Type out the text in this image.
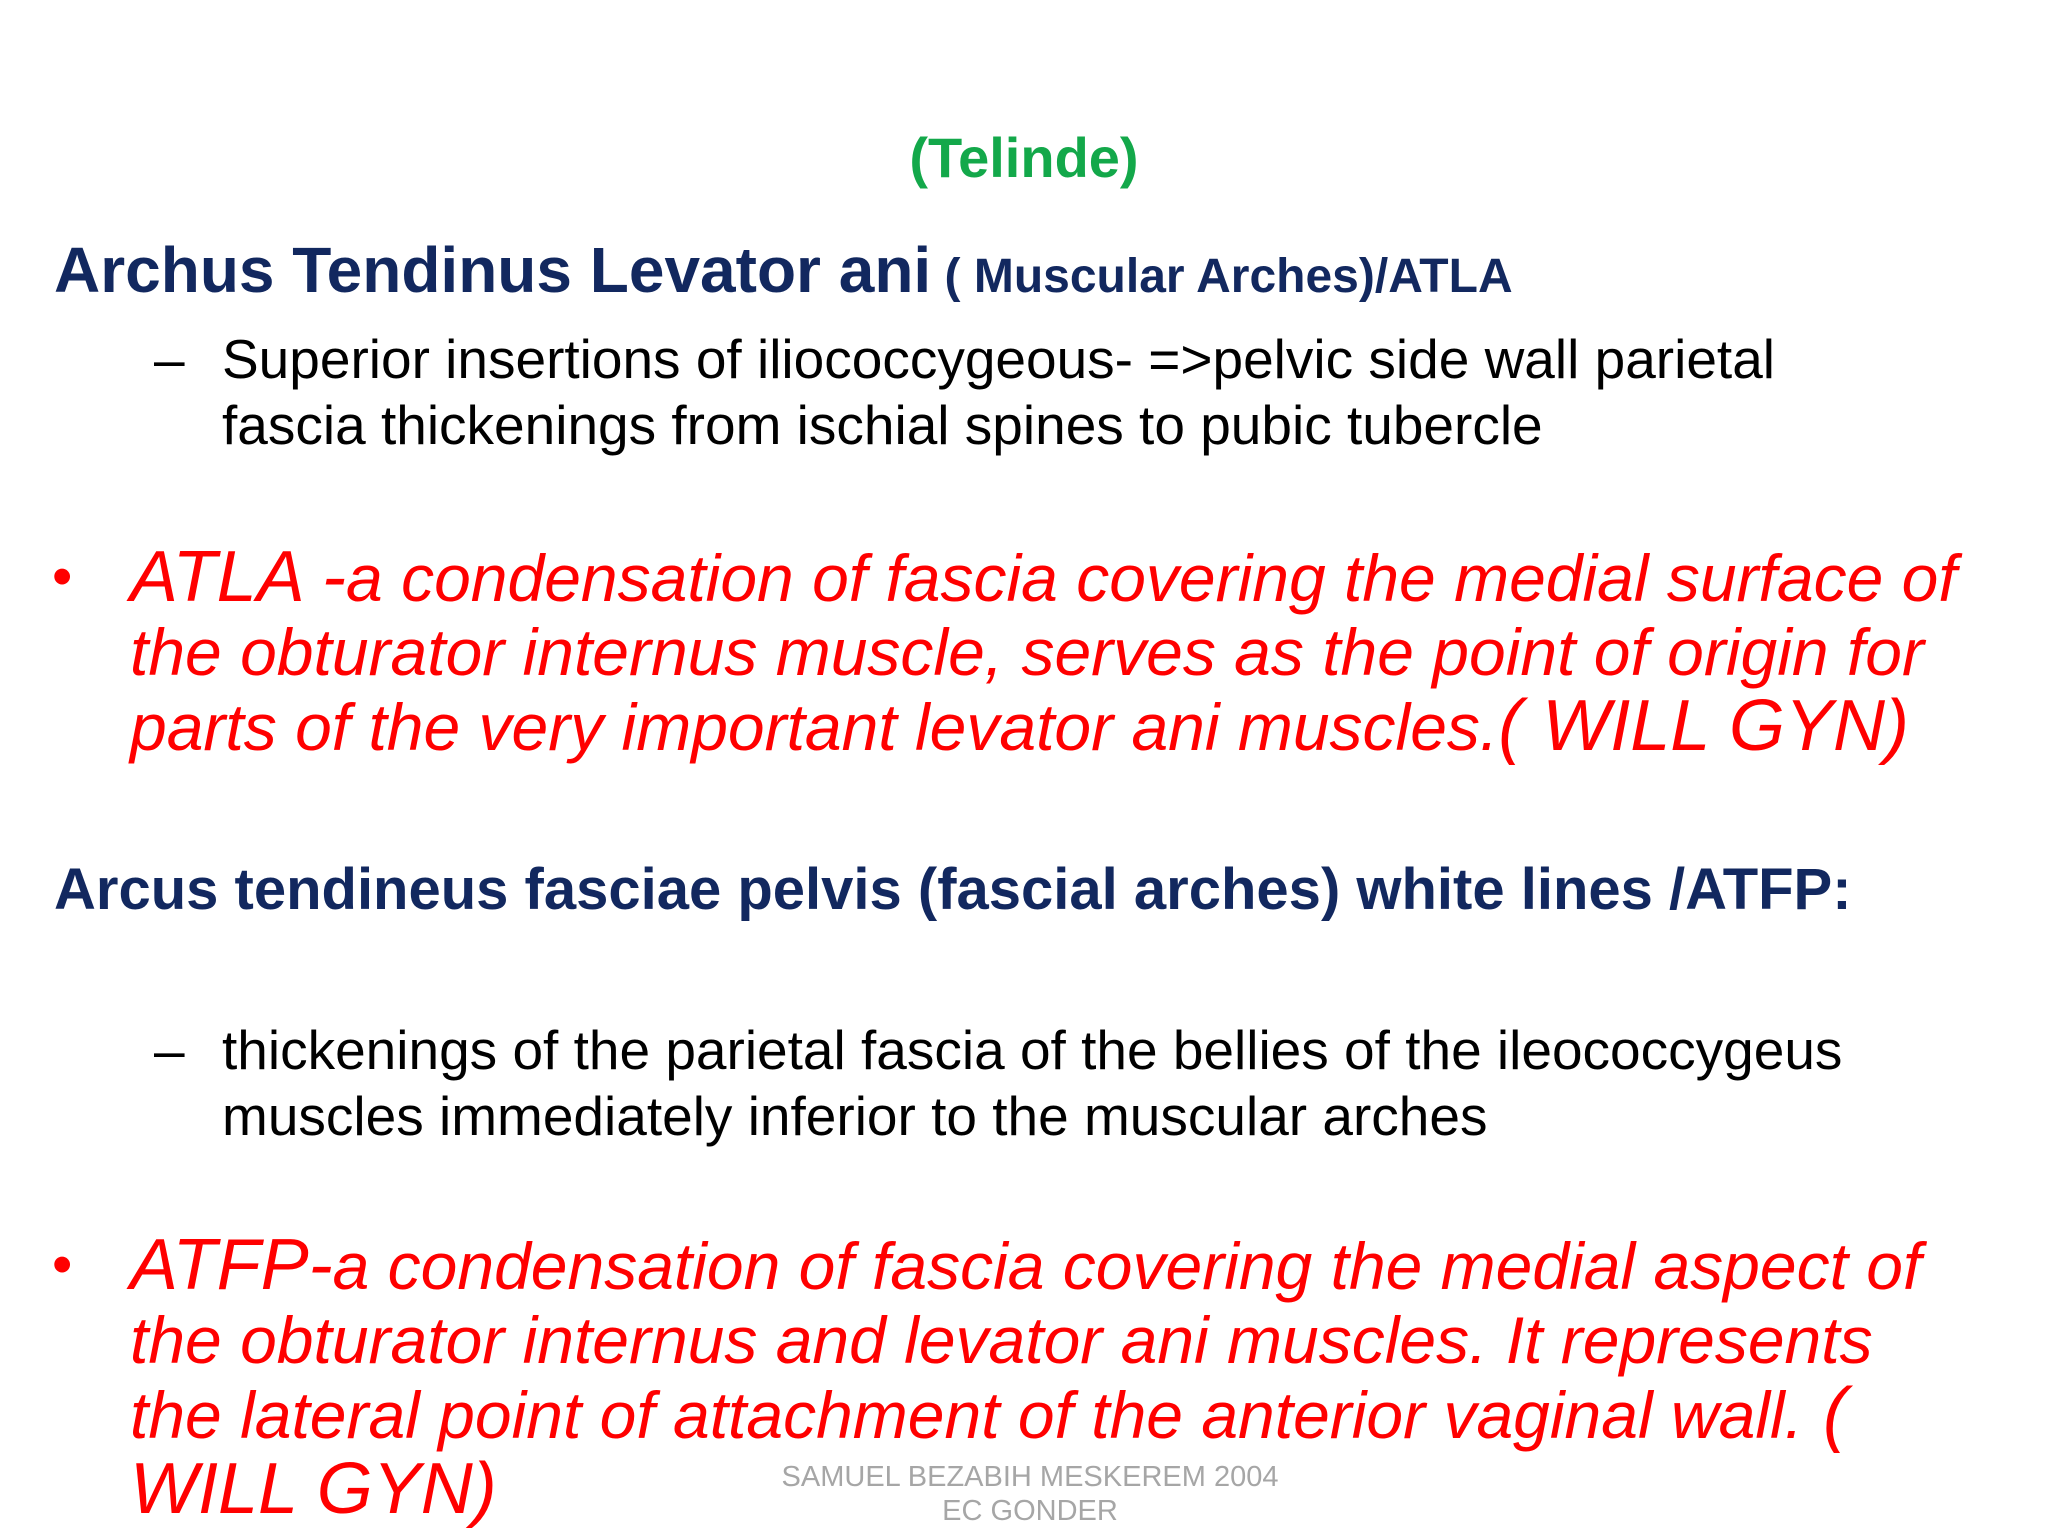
(Telinde)
Archus Tendinus Levator ani ( Muscular Arches)/ATLA
– Superior insertions of iliococcygeous- =>pelvic side wall parietal fascia thickenings from ischial spines to pubic tubercle
• ATLA -a condensation of fascia covering the medial surface of the obturator internus muscle, serves as the point of origin for parts of the very important levator ani muscles.( WILL GYN)
Arcus tendineus fasciae pelvis (fascial arches) white lines /ATFP:
– thickenings of the parietal fascia of the bellies of the ileococcygeus muscles immediately inferior to the muscular arches
• ATFP-a condensation of fascia covering the medial aspect of the obturator internus and levator ani muscles. It represents the lateral point of attachment of the anterior vaginal wall. ( WILL GYN)	SAMUEL BEZABIH MESKEREM 2004 EC GONDER
